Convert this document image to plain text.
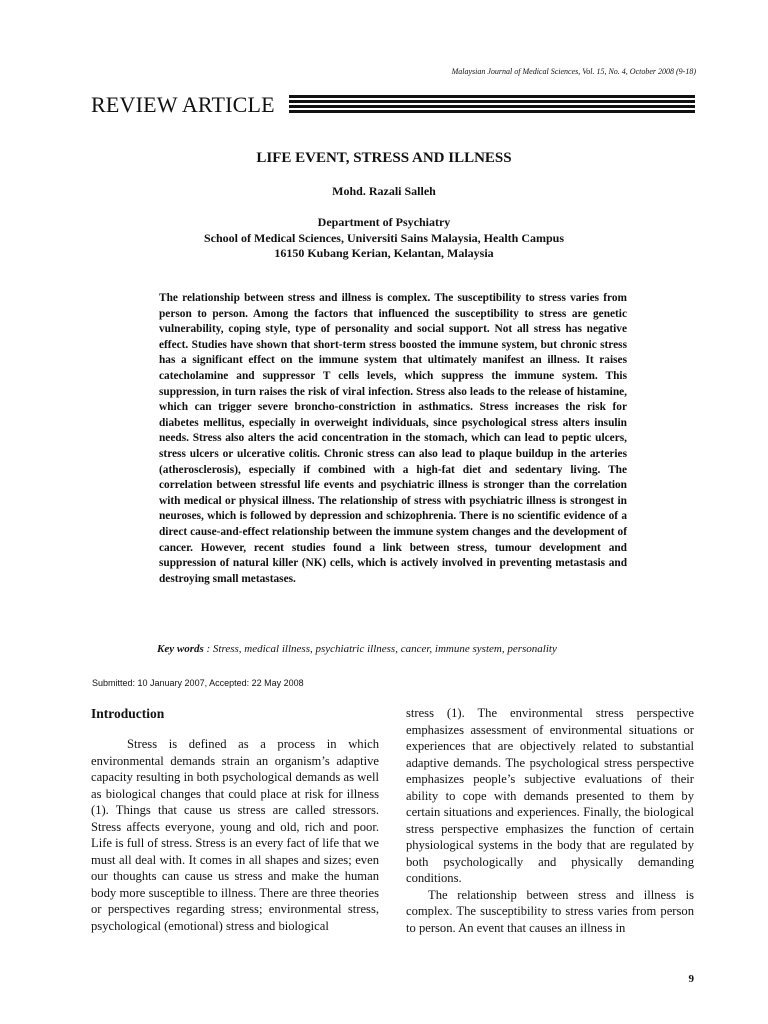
Malaysian Journal of Medical Sciences, Vol. 15, No. 4, October 2008 (9-18)
REVIEW ARTICLE
LIFE EVENT, STRESS AND ILLNESS
Mohd. Razali Salleh
Department of Psychiatry
School of Medical Sciences, Universiti Sains Malaysia, Health Campus
16150 Kubang Kerian, Kelantan, Malaysia
The relationship between stress and illness is complex. The susceptibility to stress varies from person to person. Among the factors that influenced the susceptibility to stress are genetic vulnerability, coping style, type of personality and social support. Not all stress has negative effect. Studies have shown that short-term stress boosted the immune system, but chronic stress has a significant effect on the immune system that ultimately manifest an illness. It raises catecholamine and suppressor T cells levels, which suppress the immune system. This suppression, in turn raises the risk of viral infection. Stress also leads to the release of histamine, which can trigger severe broncho-constriction in asthmatics. Stress increases the risk for diabetes mellitus, especially in overweight individuals, since psychological stress alters insulin needs. Stress also alters the acid concentration in the stomach, which can lead to peptic ulcers, stress ulcers or ulcerative colitis. Chronic stress can also lead to plaque buildup in the arteries (atherosclerosis), especially if combined with a high-fat diet and sedentary living. The correlation between stressful life events and psychiatric illness is stronger than the correlation with medical or physical illness. The relationship of stress with psychiatric illness is strongest in neuroses, which is followed by depression and schizophrenia. There is no scientific evidence of a direct cause-and-effect relationship between the immune system changes and the development of cancer. However, recent studies found a link between stress, tumour development and suppression of natural killer (NK) cells, which is actively involved in preventing metastasis and destroying small metastases.
Key words : Stress, medical illness, psychiatric illness, cancer, immune system, personality
Submitted: 10 January 2007, Accepted: 22 May 2008
Introduction

Stress is defined as a process in which environmental demands strain an organism’s adaptive capacity resulting in both psychological demands as well as biological changes that could place at risk for illness (1). Things that cause us stress are called stressors. Stress affects everyone, young and old, rich and poor. Life is full of stress. Stress is an every fact of life that we must all deal with. It comes in all shapes and sizes; even our thoughts can cause us stress and make the human body more susceptible to illness. There are three theories or perspectives regarding stress; environmental stress, psychological (emotional) stress and biological

stress (1). The environmental stress perspective emphasizes assessment of environmental situations or experiences that are objectively related to substantial adaptive demands. The psychological stress perspective emphasizes people’s subjective evaluations of their ability to cope with demands presented to them by certain situations and experiences. Finally, the biological stress perspective emphasizes the function of certain physiological systems in the body that are regulated by both psychologically and physically demanding conditions.

The relationship between stress and illness is complex. The susceptibility to stress varies from person to person. An event that causes an illness in

9
